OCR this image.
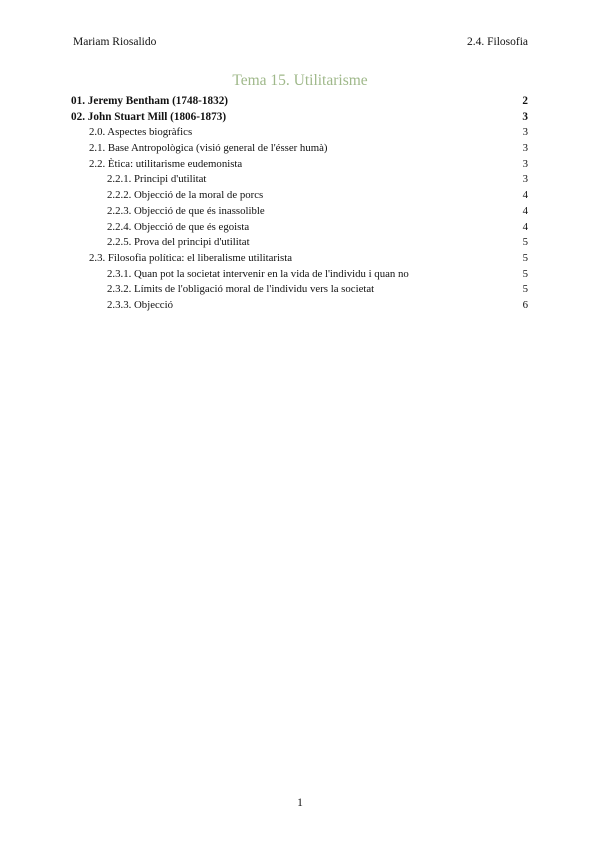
Mariam Riosalido	2.4. Filosofia
Tema 15. Utilitarisme
01. Jeremy Bentham (1748-1832)	2
02. John Stuart Mill (1806-1873)	3
2.0. Aspectes biogràfics	3
2.1. Base Antropològica (visió general de l'ésser humà)	3
2.2. Ètica: utilitarisme eudemonista	3
2.2.1. Principi d'utilitat	3
2.2.2. Objecció de la moral de porcs	4
2.2.3. Objecció de que és inassolible	4
2.2.4. Objecció de que és egoista	4
2.2.5. Prova del principi d'utilitat	5
2.3. Filosofia política: el liberalisme utilitarista	5
2.3.1. Quan pot la societat intervenir en la vida de l'individu i quan no	5
2.3.2. Límits de l'obligació moral de l'individu vers la societat	5
2.3.3. Objecció	6
1
